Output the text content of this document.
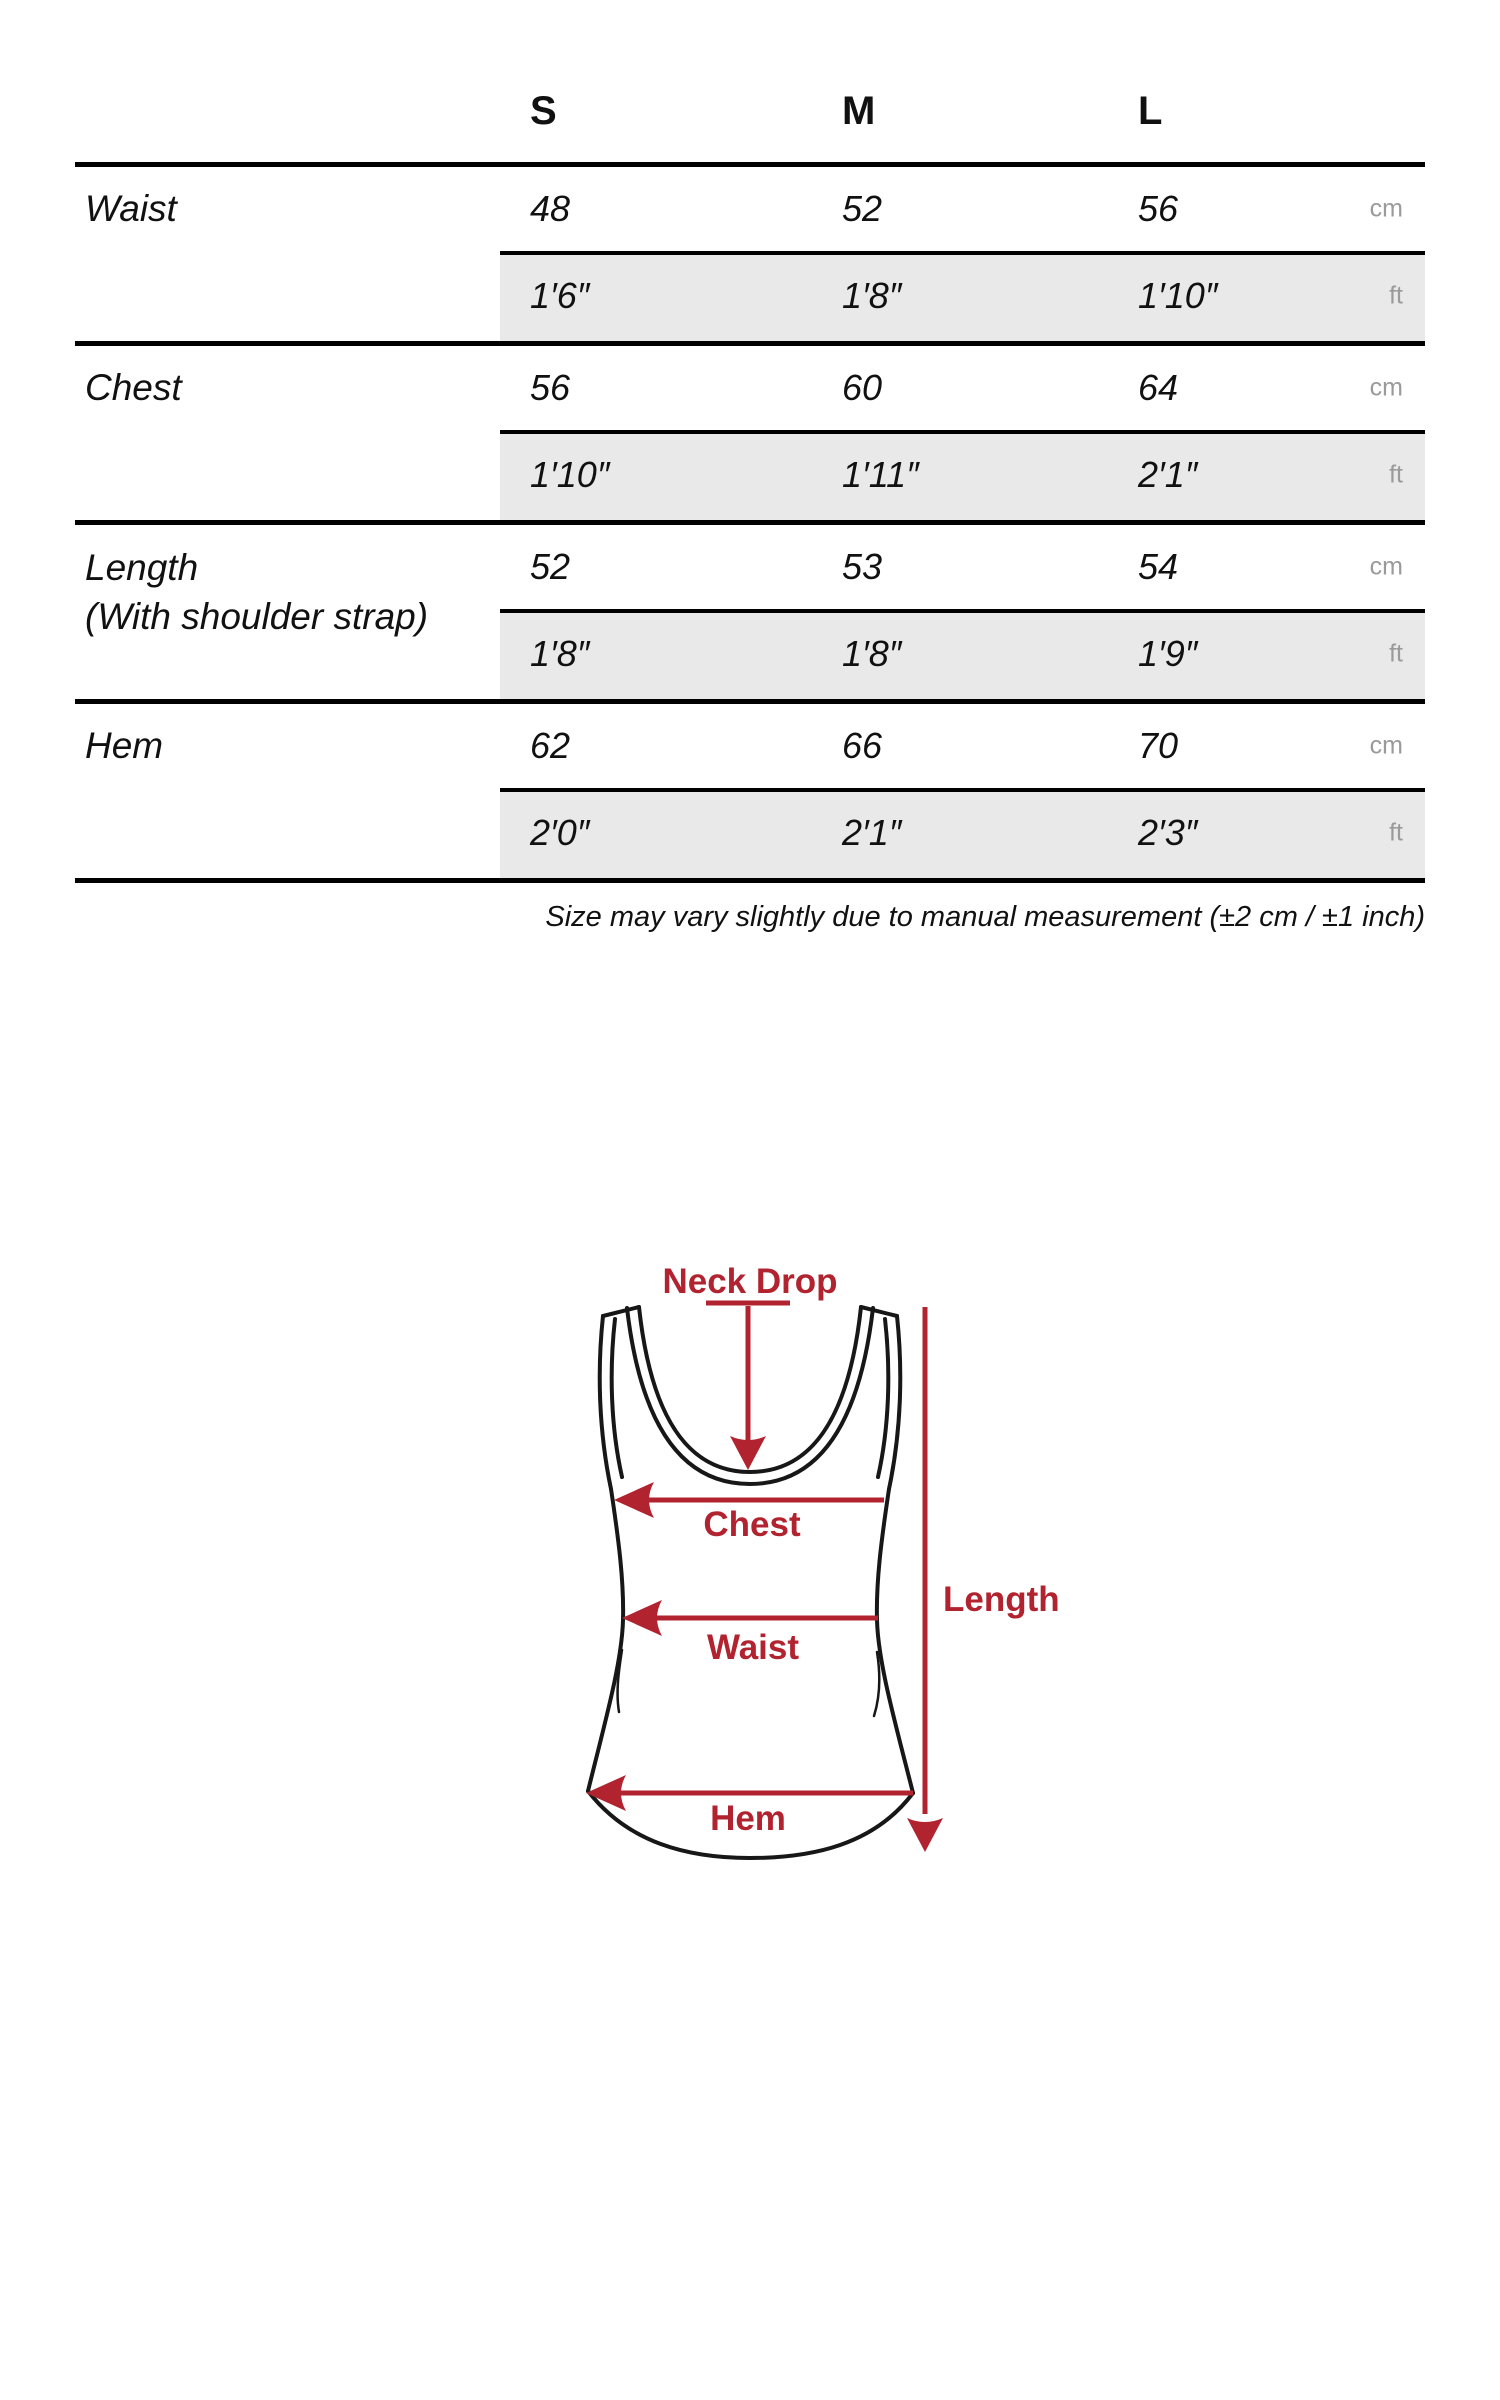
S	M	L
Waist	48	52	56	cm
1′6″	1′8″	1′10″	ft
Chest	56	60	64	cm
1′10″	1′11″	2′1″	ft
Length
(With shoulder strap)
52	53	54	cm
1′8″	1′8″	1′9″	ft
Hem	62	66	70	cm
2′0″	2′1″	2′3″	ft
Size may vary slightly due to manual measurement (±2 cm / ±1 inch)
Neck Drop
Chest
Waist
Hem
Length
